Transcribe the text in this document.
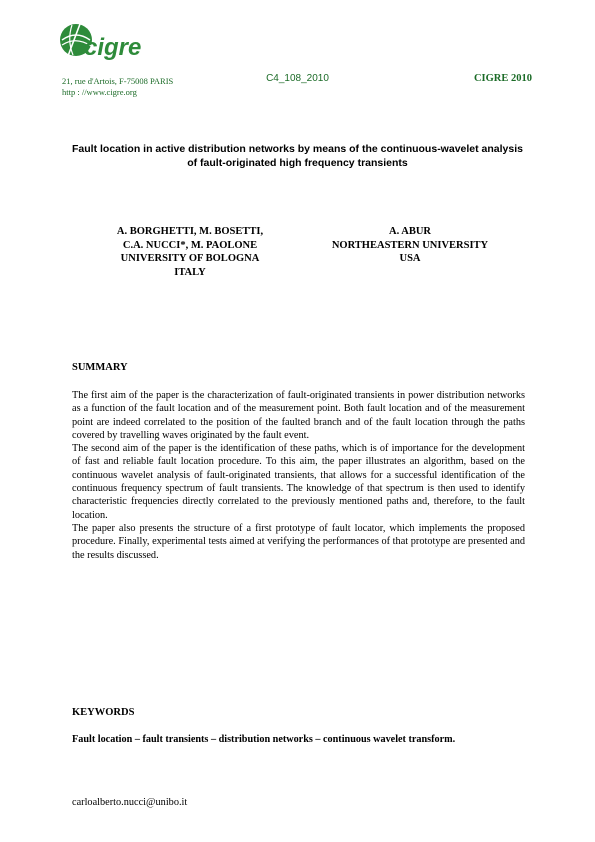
cigre
21, rue d'Artois, F-75008 PARIS
http : //www.cigre.org
C4_108_2010	CIGRE 2010
Fault location in active distribution networks by means of the continuous-wavelet analysis of fault-originated high frequency transients
A. BORGHETTI, M. BOSETTI,
C.A. NUCCI*, M. PAOLONE
UNIVERSITY OF BOLOGNA
ITALY
A. ABUR
NORTHEASTERN UNIVERSITY
USA
SUMMARY

The first aim of the paper is the characterization of fault-originated transients in power distribution networks as a function of the fault location and of the measurement point. Both fault location and of the measurement point are indeed correlated to the position of the faulted branch and of the fault location through the paths covered by travelling waves originated by the fault event.

The second aim of the paper is the identification of these paths, which is of importance for the development of fast and reliable fault location procedure. To this aim, the paper illustrates an algorithm, based on the continuous wavelet analysis of fault-originated transients, that allows for a successful identification of the continuous frequency spectrum of fault transients. The knowledge of that spectrum is then used to identify characteristic frequencies directly correlated to the previously mentioned paths and, therefore, to the fault location.

The paper also presents the structure of a first prototype of fault locator, which implements the proposed procedure. Finally, experimental tests aimed at verifying the performances of that prototype are presented and the results discussed.

KEYWORDS
Fault location – fault transients – distribution networks – continuous wavelet transform.
carloalberto.nucci@unibo.it
